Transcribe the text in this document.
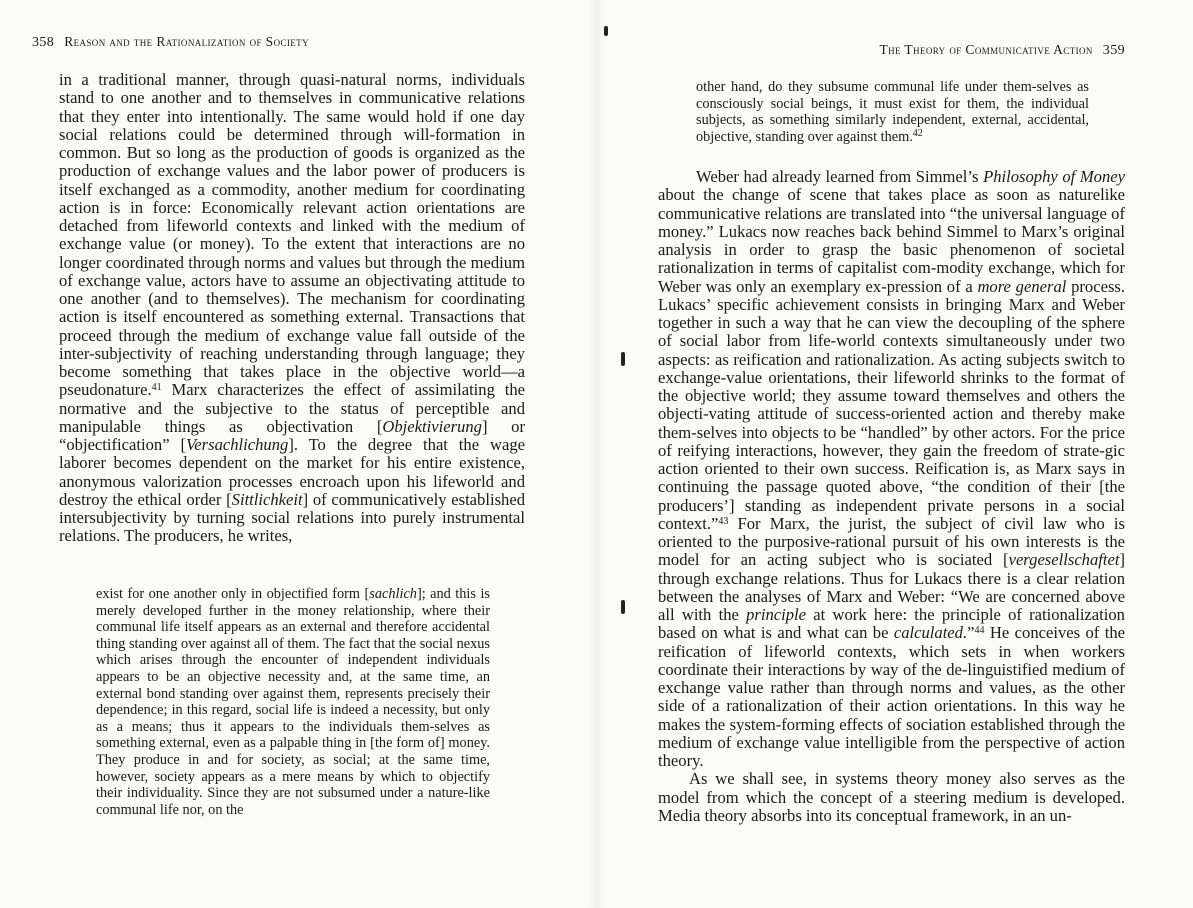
358 Reason and the Rationalization of Society

in a traditional manner, through quasi-natural norms, individuals stand to one another and to themselves in communicative relations that they enter into intentionally. The same would hold if one day social relations could be determined through will-formation in common. But so long as the production of goods is organized as the production of exchange values and the labor power of producers is itself exchanged as a commodity, another medium for coordinating action is in force: Economically relevant action orientations are detached from lifeworld contexts and linked with the medium of exchange value (or money). To the extent that interactions are no longer coordinated through norms and values but through the medium of exchange value, actors have to assume an objectivating attitude to one another (and to themselves). The mechanism for coordinating action is itself encountered as something external. Transactions that proceed through the medium of exchange value fall outside of the inter-subjectivity of reaching understanding through language; they become something that takes place in the objective world—a pseudonature.$^{41}$ Marx characterizes the effect of assimilating the normative and the subjective to the status of perceptible and manipulable things as objectivation [Objektivierung] or “objectification” [Versachlichung]. To the degree that the wage laborer becomes dependent on the market for his entire existence, anonymous valorization processes encroach upon his lifeworld and destroy the ethical order [Sittlichkeit] of communicatively established intersubjectivity by turning social relations into purely instrumental relations. The producers, he writes,

exist for one another only in objectified form [sachlich]; and this is merely developed further in the money relationship, where their communal life itself appears as an external and therefore accidental thing standing over against all of them. The fact that the social nexus which arises through the encounter of independent individuals appears to be an objective necessity and, at the same time, an external bond standing over against them, represents precisely their dependence; in this regard, social life is indeed a necessity, but only as a means; thus it appears to the individuals them-selves as something external, even as a palpable thing in [the form of] money. They produce in and for society, as social; at the same time, however, society appears as a mere means by which to objectify their individuality. Since they are not subsumed under a nature-like communal life nor, on the

The Theory of Communicative Action 359

other hand, do they subsume communal life under them-selves as consciously social beings, it must exist for them, the individual subjects, as something similarly independent, external, accidental, objective, standing over against them.$^{42}$

Weber had already learned from Simmel’s Philosophy of Money about the change of scene that takes place as soon as naturelike communicative relations are translated into “the universal language of money.” Lukacs now reaches back behind Simmel to Marx’s original analysis in order to grasp the basic phenomenon of societal rationalization in terms of capitalist com-modity exchange, which for Weber was only an exemplary ex-pression of a more general process. Lukacs’ specific achievement consists in bringing Marx and Weber together in such a way that he can view the decoupling of the sphere of social labor from life-world contexts simultaneously under two aspects: as reification and rationalization. As acting subjects switch to exchange-value orientations, their lifeworld shrinks to the format of the objective world; they assume toward themselves and others the objecti-vating attitude of success-oriented action and thereby make them-selves into objects to be “handled” by other actors. For the price of reifying interactions, however, they gain the freedom of strate-gic action oriented to their own success. Reification is, as Marx says in continuing the passage quoted above, “the condition of their [the producers’] standing as independent private persons in a social context.”$^{43}$ For Marx, the jurist, the subject of civil law who is oriented to the purposive-rational pursuit of his own interests is the model for an acting subject who is sociated [vergesellschaftet] through exchange relations. Thus for Lukacs there is a clear relation between the analyses of Marx and Weber: “We are concerned above all with the principle at work here: the principle of rationalization based on what is and what can be calculated.”$^{44}$ He conceives of the reification of lifeworld contexts, which sets in when workers coordinate their interactions by way of the de-linguistified medium of exchange value rather than through norms and values, as the other side of a rationalization of their action orientations. In this way he makes the system-forming effects of sociation established through the medium of exchange value intelligible from the perspective of action theory.

As we shall see, in systems theory money also serves as the model from which the concept of a steering medium is developed. Media theory absorbs into its conceptual framework, in an un-
